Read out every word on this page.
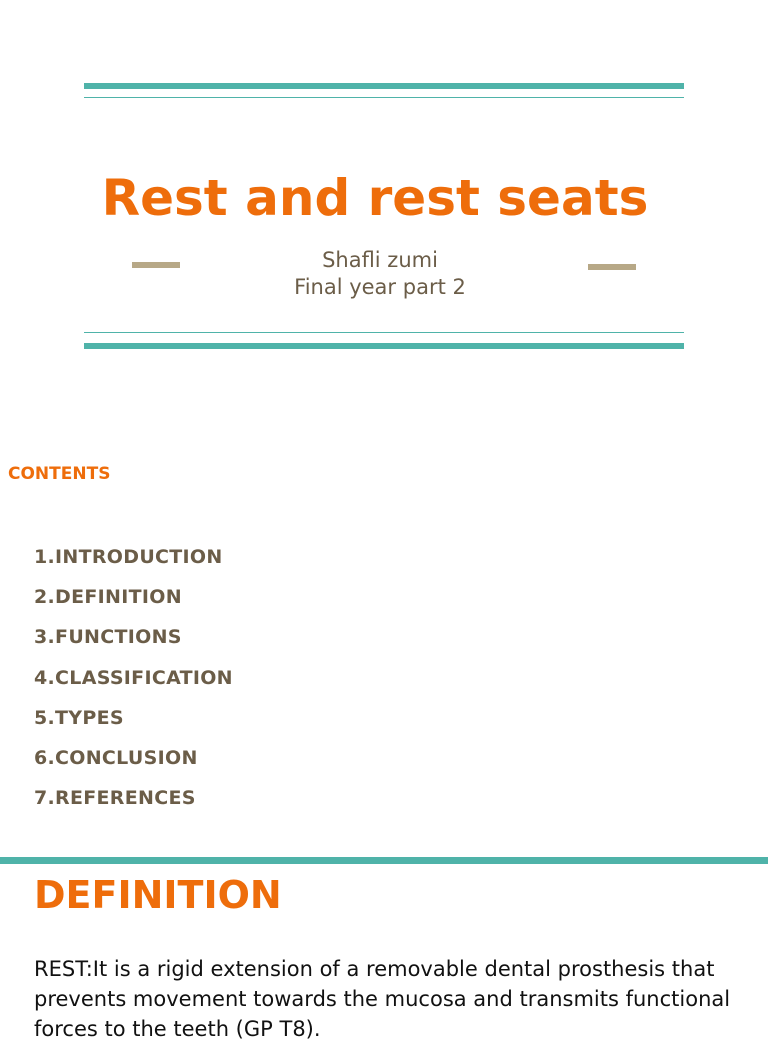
Rest and rest seats
Shafli zumi
Final year part 2
CONTENTS
1.INTRODUCTION
2.DEFINITION
3.FUNCTIONS
4.CLASSIFICATION
5.TYPES
6.CONCLUSION
7.REFERENCES
DEFINITION
REST:It is a rigid extension of a removable dental prosthesis that prevents movement towards the mucosa and transmits functional forces to the teeth (GP T8).
